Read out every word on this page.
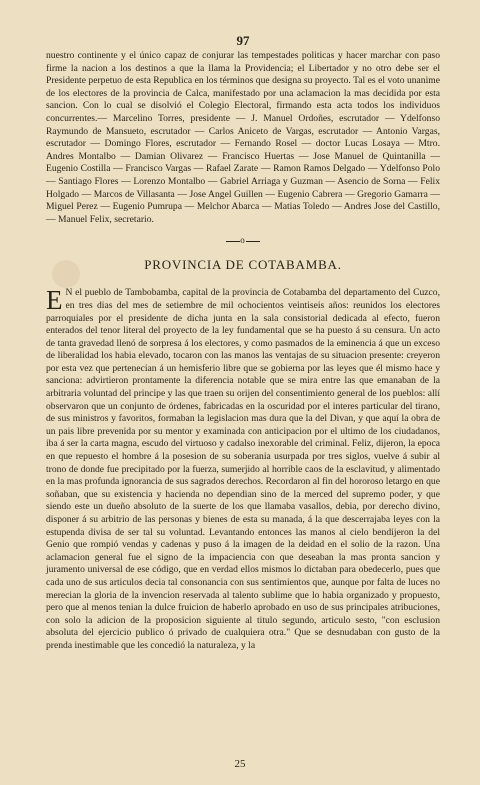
97

nuestro continente y el único capaz de conjurar las tempestades politicas y hacer marchar con paso firme la nacion a los destinos a que la llama la Providencia; el Libertador y no otro debe ser el Presidente perpetuo de esta Republica en los términos que designa su proyecto. Tal es el voto unanime de los electores de la provincia de Calca, manifestado por una aclamacion la mas decidida por esta sancion. Con lo cual se disolvió el Colegio Electoral, firmando esta acta todos los individuos concurrentes.— Marcelino Torres, presidente — J. Manuel Ordoñes, escrutador — Ydelfonso Raymundo de Mansueto, escrutador — Carlos Aniceto de Vargas, escrutador — Antonio Vargas, escrutador — Domingo Flores, escrutador — Fernando Rosel — doctor Lucas Losaya — Mtro. Andres Montalbo — Damian Olivarez — Francisco Huertas — Jose Manuel de Quintanilla — Eugenio Costilla — Francisco Vargas — Rafael Zarate — Ramon Ramos Delgado — Ydelfonso Polo — Santiago Flores — Lorenzo Montalbo — Gabriel Arriaga y Guzman — Asencio de Sorna — Felix Holgado — Marcos de Villasanta — Jose Angel Guillen — Eugenio Cabrera — Gregorio Gamarra — Miguel Perez — Eugenio Pumrupa — Melchor Abarca — Matias Toledo — Andres Jose del Castillo, — Manuel Felix, secretario.

o
PROVINCIA DE COTABAMBA.
E N el pueblo de Tambobamba, capital de la provincia de Cotabamba del departamento del Cuzco, en tres dias del mes de setiembre de mil ochocientos veintiseis años: reunidos los electores parroquiales por el presidente de dicha junta en la sala consistorial dedicada al efecto, fueron enterados del tenor literal del proyecto de la ley fundamental que se ha puesto á su censura. Un acto de tanta gravedad llenó de sorpresa á los electores, y como pasmados de la eminencia á que un exceso de liberalidad los habia elevado, tocaron con las manos las ventajas de su situacion presente: creyeron por esta vez que pertenecian á un hemisferio libre que se gobierna por las leyes que él mismo hace y sanciona: advirtieron prontamente la diferencia notable que se mira entre las que emanaban de la arbitraria voluntad del principe y las que traen su orijen del consentimiento general de los pueblos: allí observaron que un conjunto de órdenes, fabricadas en la oscuridad por el interes particular del tirano, de sus ministros y favoritos, formaban la legislacion mas dura que la del Divan, y que aquí la obra de un pais libre prevenida por su mentor y examinada con anticipacion por el ultimo de los ciudadanos, iba á ser la carta magna, escudo del virtuoso y cadalso inexorable del criminal. Feliz, dijeron, la epoca en que repuesto el hombre á la posesion de su soberania usurpada por tres siglos, vuelve á subir al trono de donde fue precipitado por la fuerza, sumerjido al horrible caos de la esclavitud, y alimentado en la mas profunda ignorancia de sus sagrados derechos. Recordaron al fin del hororoso letargo en que soñaban, que su existencia y hacienda no dependian sino de la merced del supremo poder, y que siendo este un dueño absoluto de la suerte de los que llamaba vasallos, debia, por derecho divino, disponer á su arbitrio de las personas y bienes de esta su manada, á la que descerrajaba leyes con la estupenda divisa de ser tal su voluntad. Levantando entonces las manos al cielo bendijeron la del Genio que rompió vendas y cadenas y puso á la imagen de la deidad en el solio de la razon. Una aclamacion general fue el signo de la impaciencia con que deseaban la mas pronta sancion y juramento universal de ese código, que en verdad ellos mismos lo dictaban para obedecerlo, pues que cada uno de sus articulos decia tal consonancia con sus sentimientos que, aunque por falta de luces no merecian la gloria de la invencion reservada al talento sublime que lo habia organizado y propuesto, pero que al menos tenian la dulce fruicion de haberlo aprobado en uso de sus principales atribuciones, con solo la adicion de la proposicion siguiente al titulo segundo, articulo sesto, "con esclusion absoluta del ejercicio publico ó privado de cualquiera otra." Que se desnudaban con gusto de la prenda inestimable que les concedió la naturaleza, y la

25
